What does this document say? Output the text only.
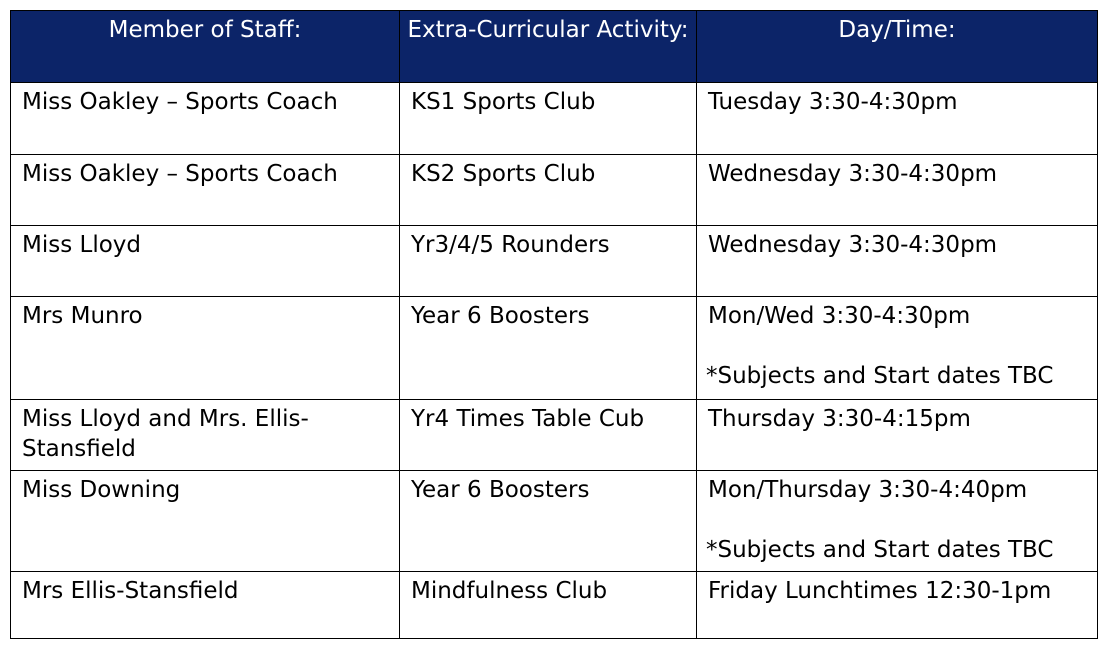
Member of Staff:	Extra-Curricular Activity:	Day/Time:
Miss Oakley – Sports Coach	KS1 Sports Club	Tuesday 3:30-4:30pm
Miss Oakley – Sports Coach	KS2 Sports Club	Wednesday 3:30-4:30pm
Miss Lloyd	Yr3/4/5 Rounders	Wednesday 3:30-4:30pm
Mrs Munro	Year 6 Boosters	Mon/Wed 3:30-4:30pm
*Subjects and Start dates TBC

Miss Lloyd and Mrs. Ellis-Stansfield	Yr4 Times Table Cub	Thursday 3:30-4:15pm
Miss Downing	Year 6 Boosters	Mon/Thursday 3:30-4:40pm
*Subjects and Start dates TBC

Mrs Ellis-Stansfield	Mindfulness Club	Friday Lunchtimes 12:30-1pm
